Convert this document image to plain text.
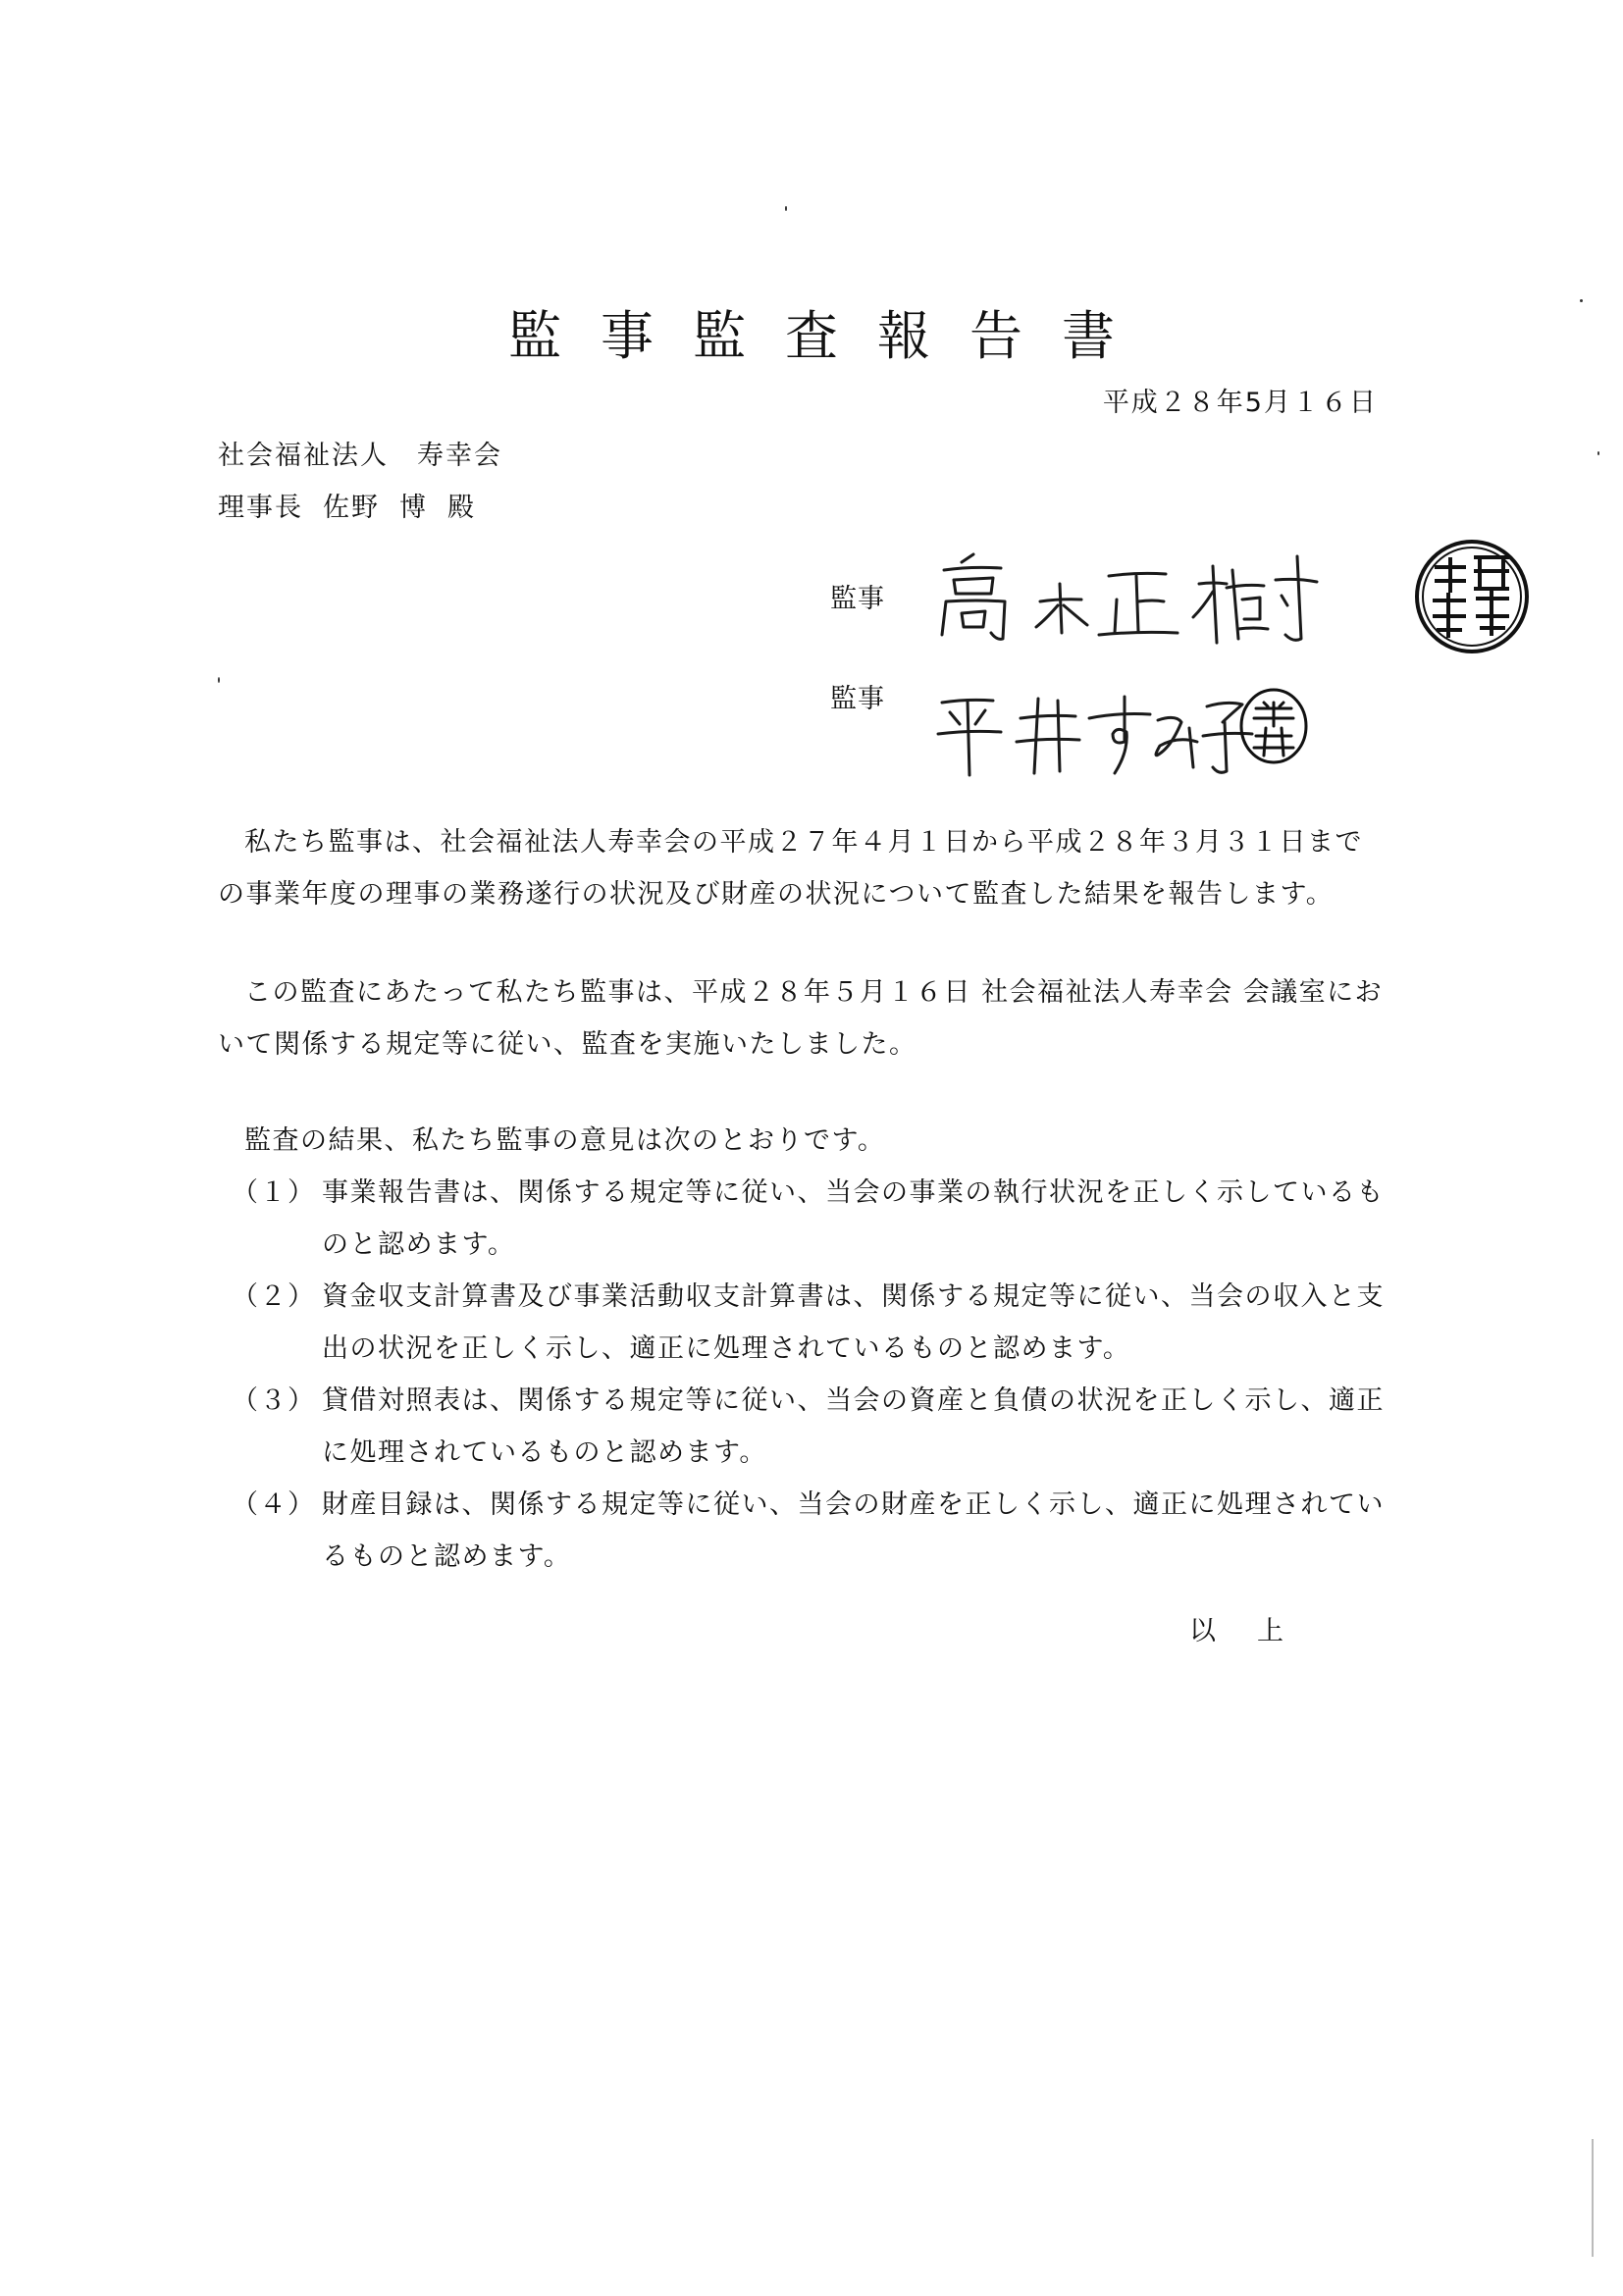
監事監査報告書
平成２８年5月１６日
社会福祉法人　寿幸会
理事長 佐野 博 殿
監事
監事

私たち監事は、社会福祉法人寿幸会の平成２７年４月１日から平成２８年３月３１日までの事業年度の理事の業務遂行の状況及び財産の状況について監査した結果を報告します。

この監査にあたって私たち監事は、平成２８年５月１６日 社会福祉法人寿幸会 会議室において関係する規定等に従い、監査を実施いたしました。

監査の結果、私たち監事の意見は次のとおりです。

（１） 事業報告書は、関係する規定等に従い、当会の事業の執行状況を正しく示しているものと認めます。
（２） 資金収支計算書及び事業活動収支計算書は、関係する規定等に従い、当会の収入と支出の状況を正しく示し、適正に処理されているものと認めます。
（３） 貸借対照表は、関係する規定等に従い、当会の資産と負債の状況を正しく示し、適正に処理されているものと認めます。
（４） 財産目録は、関係する規定等に従い、当会の財産を正しく示し、適正に処理されているものと認めます。
以 上
